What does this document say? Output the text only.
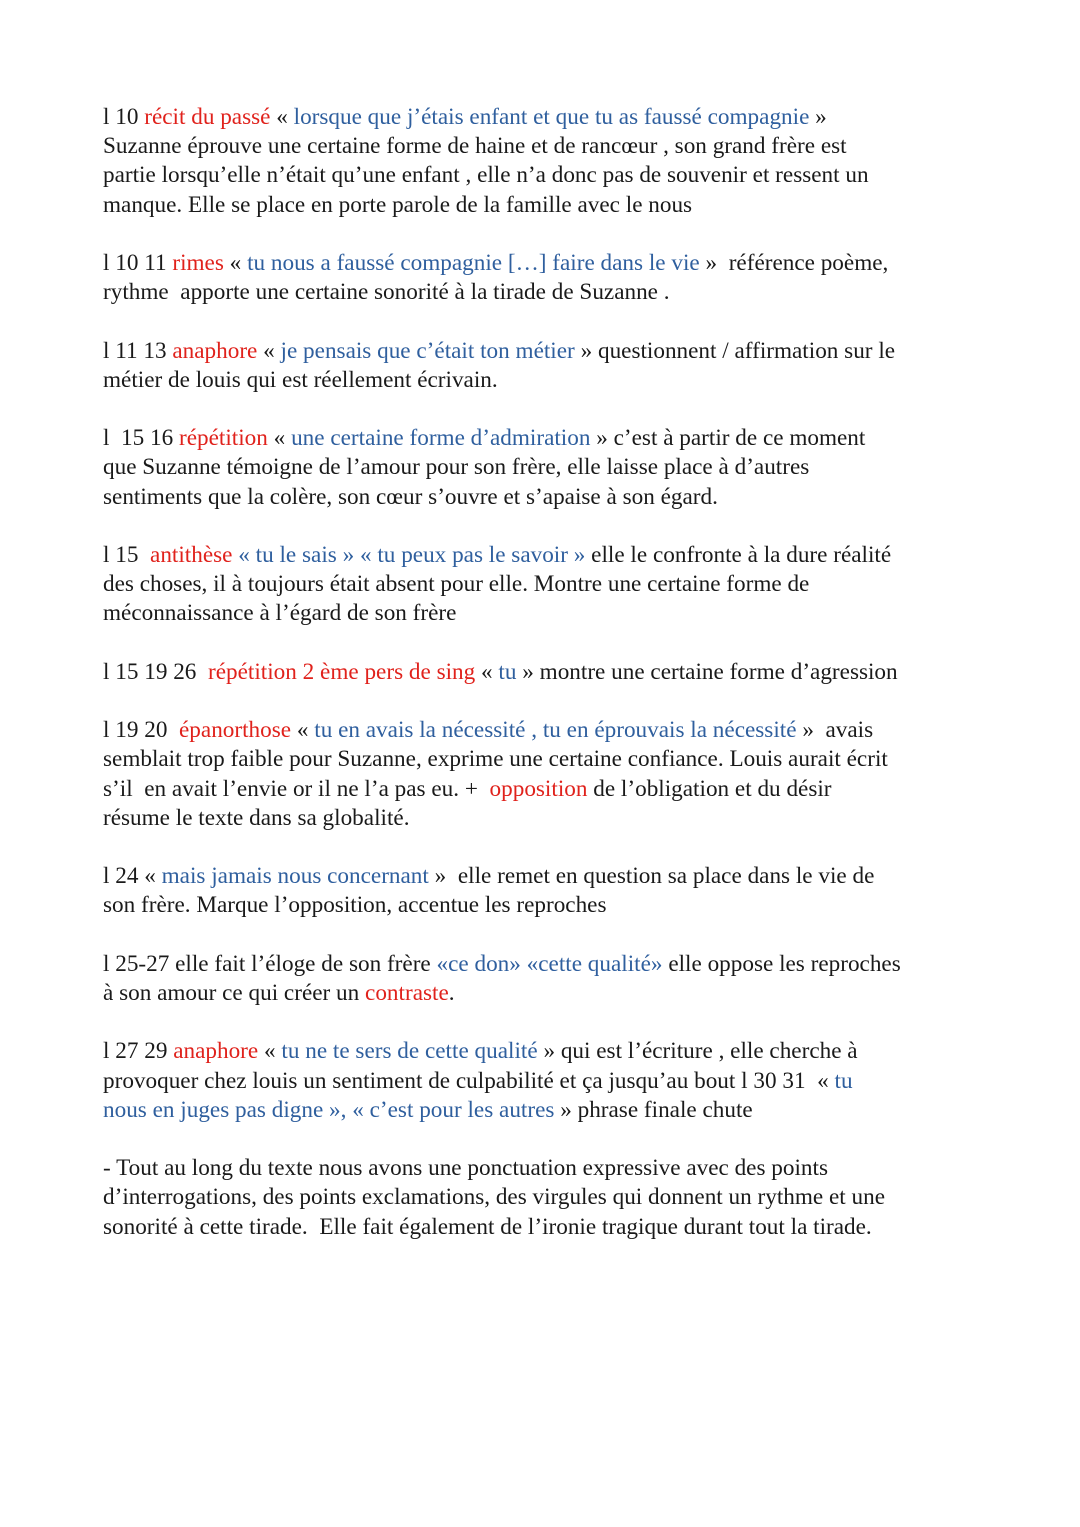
l 10 récit du passé « lorsque que j’étais enfant et que tu as faussé compagnie »
Suzanne éprouve une certaine forme de haine et de rancœur , son grand frère est
partie lorsqu’elle n’était qu’une enfant , elle n’a donc pas de souvenir et ressent un
manque. Elle se place en porte parole de la famille avec le nous
l 10 11 rimes « tu nous a faussé compagnie […] faire dans le vie »  référence poème,
rythme  apporte une certaine sonorité à la tirade de Suzanne .
l 11 13 anaphore « je pensais que c’était ton métier » questionnent / affirmation sur le
métier de louis qui est réellement écrivain.
l  15 16 répétition « une certaine forme d’admiration » c’est à partir de ce moment
que Suzanne témoigne de l’amour pour son frère, elle laisse place à d’autres
sentiments que la colère, son cœur s’ouvre et s’apaise à son égard.
l 15  antithèse « tu le sais » « tu peux pas le savoir » elle le confronte à la dure réalité
des choses, il à toujours était absent pour elle. Montre une certaine forme de
méconnaissance à l’égard de son frère
l 15 19 26  répétition 2 ème pers de sing « tu » montre une certaine forme d’agression
l 19 20  épanorthose « tu en avais la nécessité , tu en éprouvais la nécessité »  avais
semblait trop faible pour Suzanne, exprime une certaine confiance. Louis aurait écrit
s’il  en avait l’envie or il ne l’a pas eu. +  opposition de l’obligation et du désir
résume le texte dans sa globalité.
l 24 « mais jamais nous concernant »  elle remet en question sa place dans le vie de
son frère. Marque l’opposition, accentue les reproches
l 25-27 elle fait l’éloge de son frère «ce don» «cette qualité» elle oppose les reproches
à son amour ce qui créer un contraste.
l 27 29 anaphore « tu ne te sers de cette qualité » qui est l’écriture , elle cherche à
provoquer chez louis un sentiment de culpabilité et ça jusqu’au bout l 30 31  « tu
nous en juges pas digne », « c’est pour les autres » phrase finale chute
- Tout au long du texte nous avons une ponctuation expressive avec des points
d’interrogations, des points exclamations, des virgules qui donnent un rythme et une
sonorité à cette tirade.  Elle fait également de l’ironie tragique durant tout la tirade.
